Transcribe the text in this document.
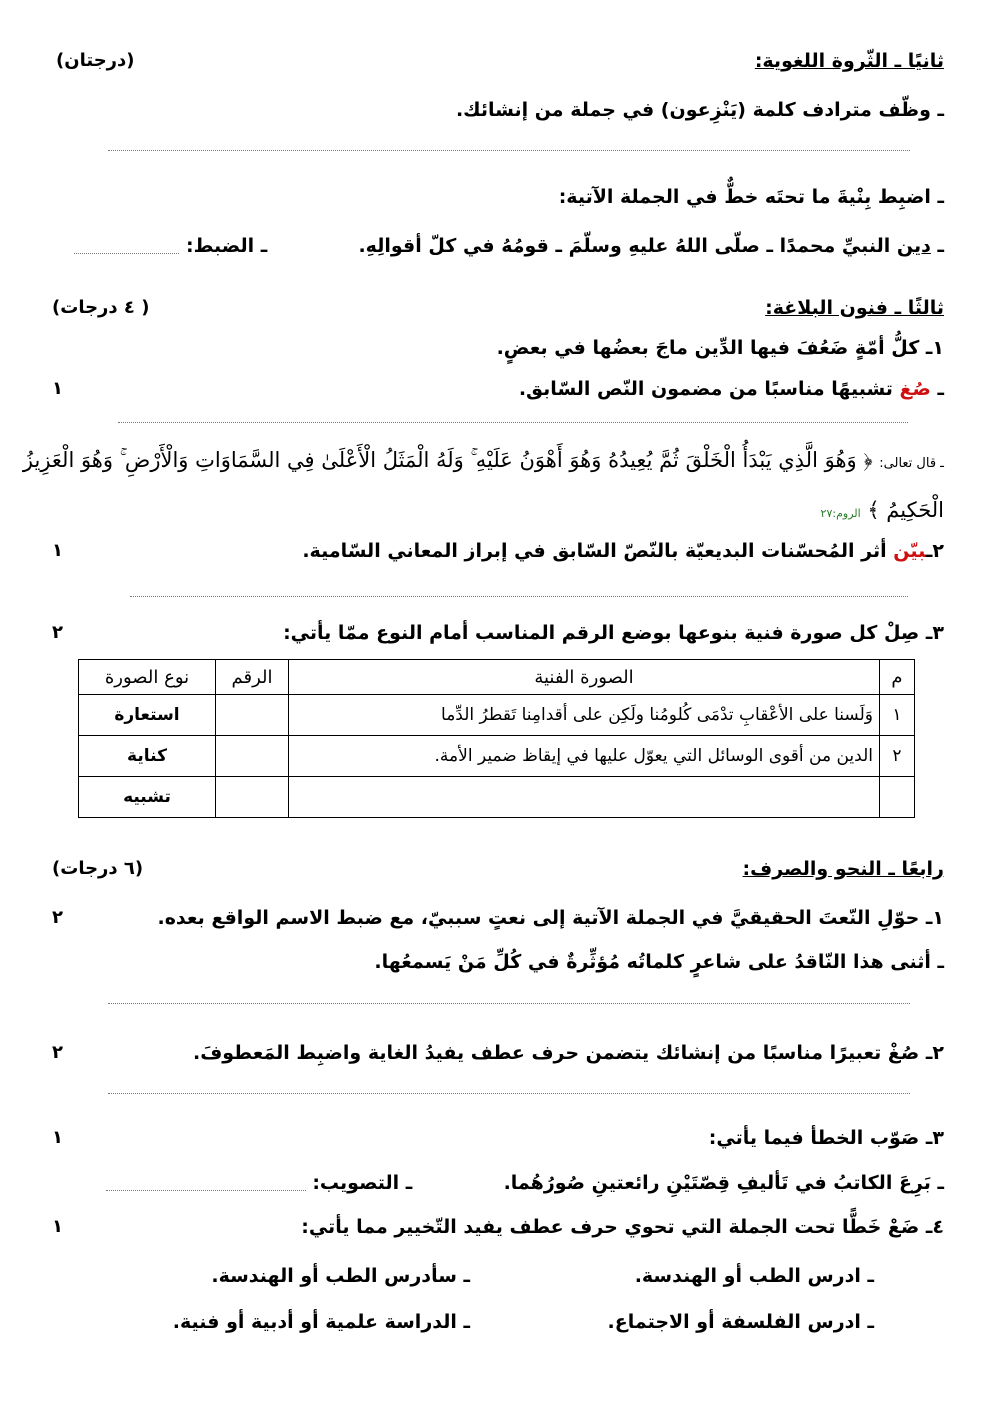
ثانيًا ـ الثّروة اللغوية:
(درجتان)
ـ وظّف مترادف كلمة (يَنْزِعون) في جملة من إنشائك.
ـ اضبِط بِنْيةَ ما تحتَه خطٌّ في الجملة الآتية:
ـ دين النبيِّ محمدًا ـ صلّى اللهُ عليهِ وسلّمَ ـ قومُهُ في كلّ أقوالِهِ.  ـ الضبط:
ثالثًا ـ فنون البلاغة:
( ٤ درجات)
١ـ كلُّ أمّةٍ ضَعُفَ فيها الدِّين ماجَ بعضُها في بعضٍ.
ـ صُغ تشبيهًا مناسبًا من مضمون النّص السّابق.
١
ـ قال تعالى: ﴿ وَهُوَ الَّذِي يَبْدَأُ الْخَلْقَ ثُمَّ يُعِيدُهُ وَهُوَ أَهْوَنُ عَلَيْهِ ۚ وَلَهُ الْمَثَلُ الْأَعْلَىٰ فِي السَّمَاوَاتِ وَالْأَرْضِ ۚ وَهُوَ الْعَزِيزُ
الْحَكِيمُ ﴾ الروم:٢٧
٢ـبيّن أثر المُحسّنات البديعيّة بالنّصّ السّابق في إبراز المعاني السّامية.
١
٣ـ صِلْ كل صورة فنية بنوعها بوضع الرقم المناسب أمام النوع ممّا يأتي:
٢
م	الصورة الفنية	الرقم	نوع الصورة
١	وَلَسنا على الأعْقابِ تدْمَى كُلومُنا ولَكِن على أقدامِنا تَقطرُ الدِّما		استعارة
٢	الدين من أقوى الوسائل التي يعوّل عليها في إيقاظ ضمير الأمة.		كناية
			تشبيه
رابعًا ـ النحو والصرف:
(٦ درجات)
١ـ حوّلِ النّعتَ الحقيقيَّ في الجملة الآتية إلى نعتٍ سببيّ، مع ضبط الاسم الواقع بعده.
٢
ـ أثنى هذا النّاقدُ على شاعرٍ كلماتُه مُؤثِّرةٌ في كُلِّ مَنْ يَسمعُها.
٢ـ صُغْ تعبيرًا مناسبًا من إنشائك يتضمن حرف عطف يفيدُ الغاية واضبِط المَعطوفَ.
٢
٣ـ صَوّب الخطأ فيما يأتي:
١
ـ بَرِعَ الكاتبُ في تَأليفِ قِصّتَيْنِ رائعتينِ صُورُهُما.  ـ التصويب:
٤ـ ضَعْ خَطًّا تحت الجملة التي تحوي حرف عطف يفيد التّخيير مما يأتي:
١
ـ ادرس الطب أو الهندسة.
ـ سأدرس الطب أو الهندسة.
ـ ادرس الفلسفة أو الاجتماع.
ـ الدراسة علمية أو أدبية أو فنية.
